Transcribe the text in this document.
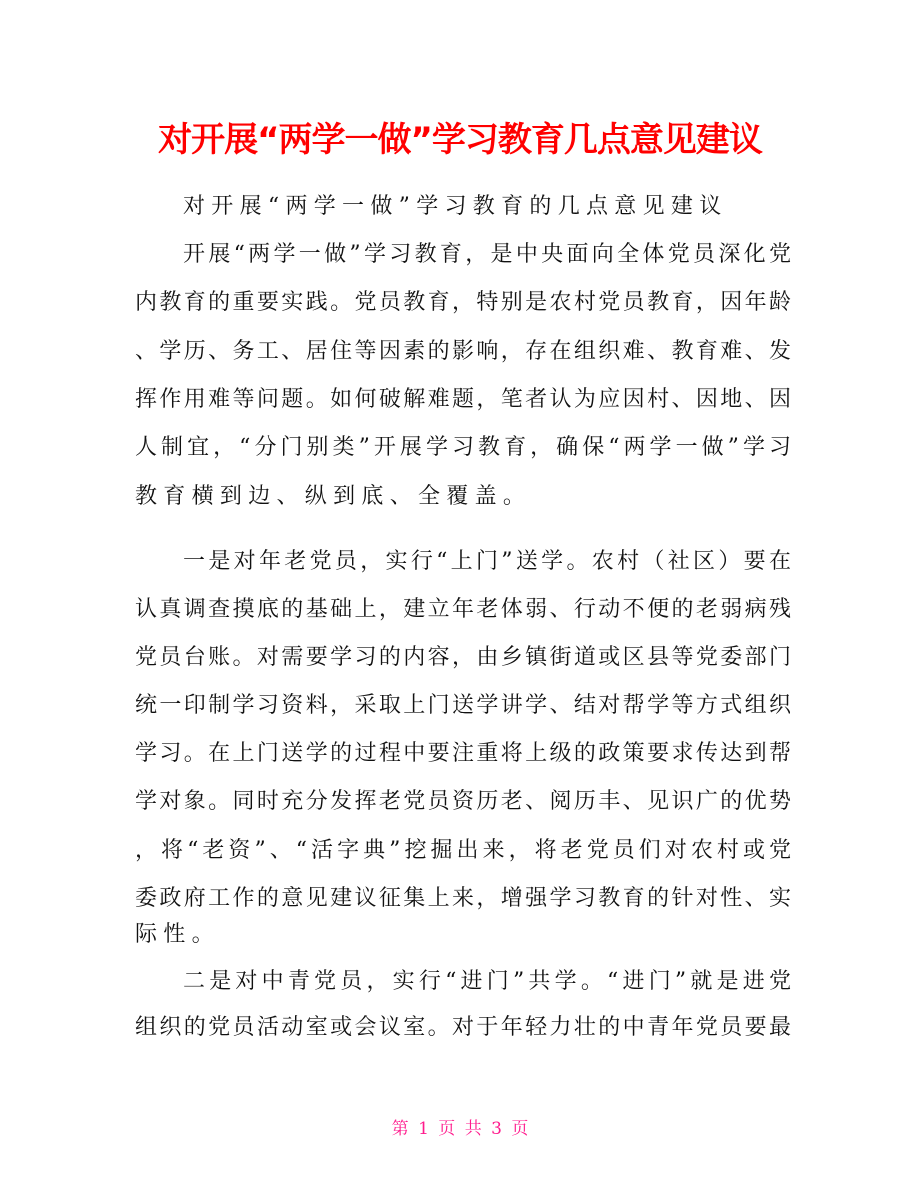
对开展“两学一做”学习教育几点意见建议
对开展“两学一做”学习教育的几点意见建议
开展“两学一做”学习教育，是中央面向全体党员深化党
内教育的重要实践。党员教育，特别是农村党员教育，因年龄
、学历、务工、居住等因素的影响，存在组织难、教育难、发
挥作用难等问题。如何破解难题，笔者认为应因村、因地、因
人制宜，“分门别类”开展学习教育，确保“两学一做”学习
教育横到边、纵到底、全覆盖。
一是对年老党员，实行“上门”送学。农村（社区）要在
认真调查摸底的基础上，建立年老体弱、行动不便的老弱病残
党员台账。对需要学习的内容，由乡镇街道或区县等党委部门
统一印制学习资料，采取上门送学讲学、结对帮学等方式组织
学习。在上门送学的过程中要注重将上级的政策要求传达到帮
学对象。同时充分发挥老党员资历老、阅历丰、见识广的优势
，将“老资”、“活字典”挖掘出来，将老党员们对农村或党
委政府工作的意见建议征集上来，增强学习教育的针对性、实
际性。
二是对中青党员，实行“进门”共学。“进门”就是进党
组织的党员活动室或会议室。对于年轻力壮的中青年党员要最
第 1 页 共 3 页
